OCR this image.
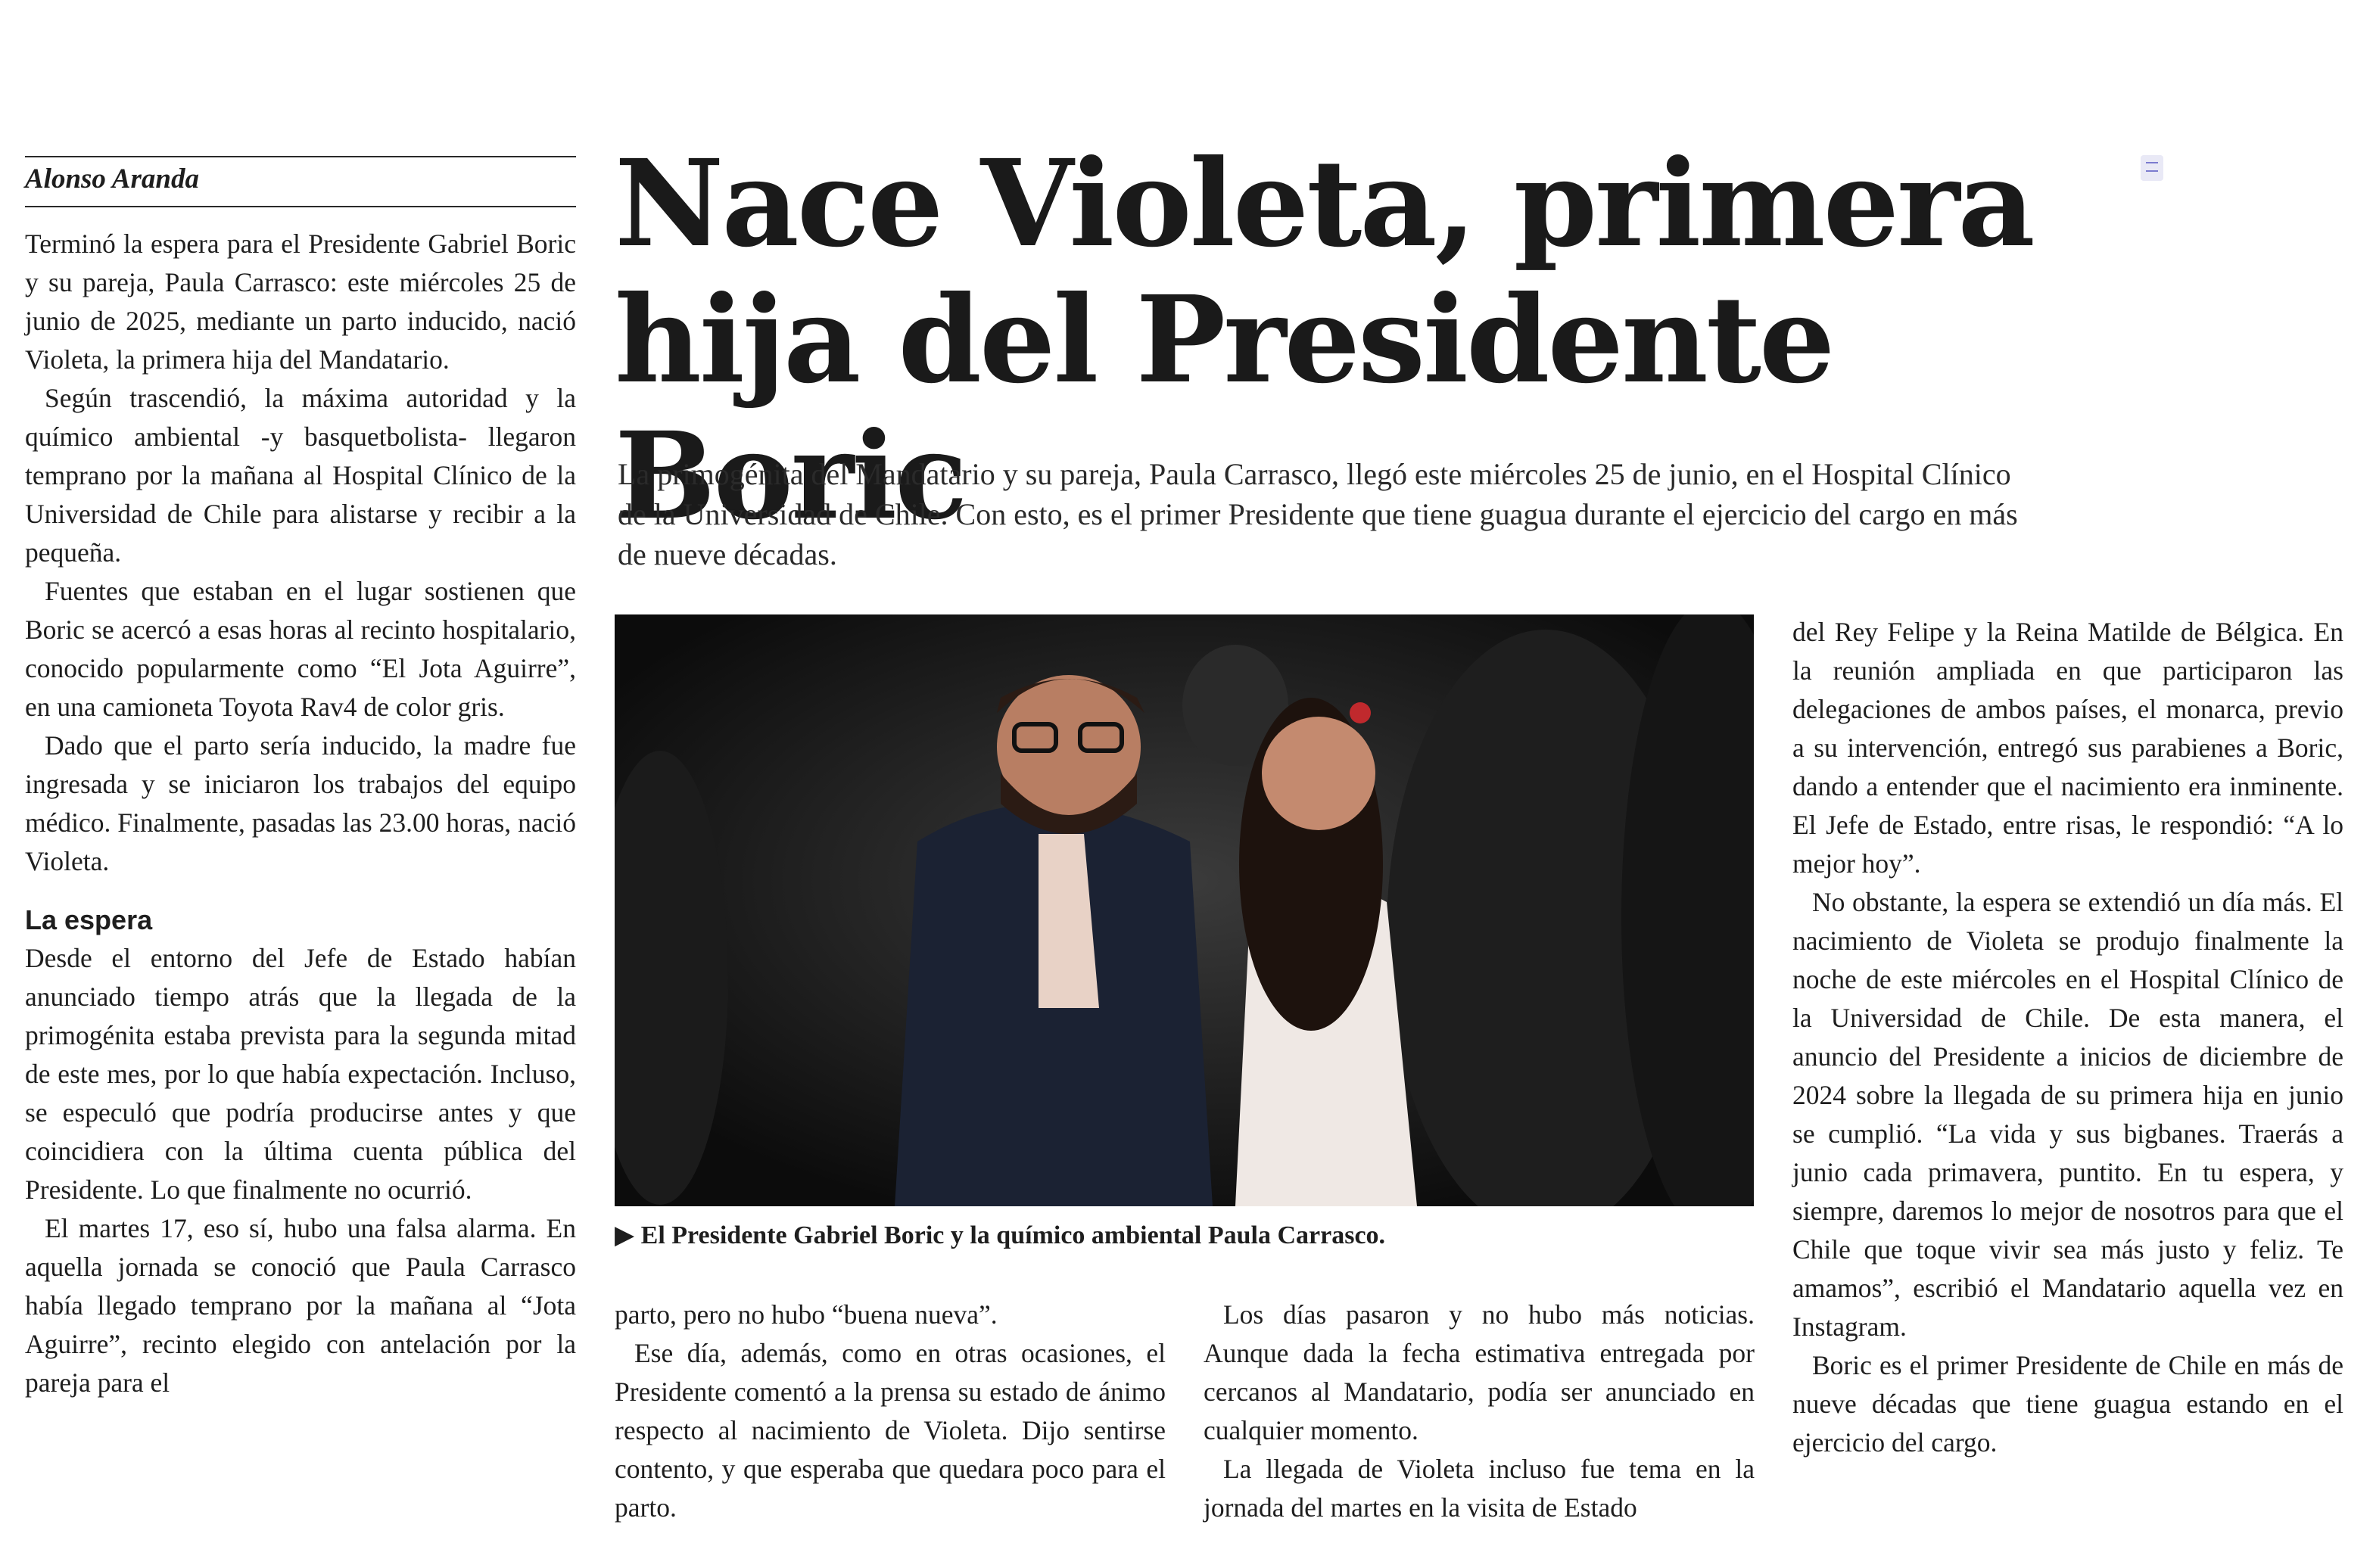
Alonso Aranda

Terminó la espera para el Presidente Gabriel Boric y su pareja, Paula Carrasco: este miércoles 25 de junio de 2025, mediante un parto inducido, nació Violeta, la primera hija del Mandatario.

Según trascendió, la máxima autoridad y la químico ambiental -y basquetbolista- llegaron temprano por la mañana al Hospital Clínico de la Universidad de Chile para alistarse y recibir a la pequeña.

Fuentes que estaban en el lugar sostienen que Boric se acercó a esas horas al recinto hospitalario, conocido popularmente como “El Jota Aguirre”, en una camioneta Toyota Rav4 de color gris.

Dado que el parto sería inducido, la madre fue ingresada y se iniciaron los trabajos del equipo médico. Finalmente, pasadas las 23.00 horas, nació Violeta.

La espera

Desde el entorno del Jefe de Estado habían anunciado tiempo atrás que la llegada de la primogénita estaba prevista para la segunda mitad de este mes, por lo que había expectación. Incluso, se especuló que podría producirse antes y que coincidiera con la última cuenta pública del Presidente. Lo que finalmente no ocurrió.

El martes 17, eso sí, hubo una falsa alarma. En aquella jornada se conoció que Paula Carrasco había llegado temprano por la mañana al “Jota Aguirre”, recinto elegido con antelación por la pareja para el

Nace Violeta, primera hija del Presidente Boric

La primogénita del Mandatario y su pareja, Paula Carrasco, llegó este miércoles 25 de junio, en el Hospital Clínico de la Universidad de Chile. Con esto, es el primer Presidente que tiene guagua durante el ejercicio del cargo en más de nueve décadas.

▶ El Presidente Gabriel Boric y la químico ambiental Paula Carrasco.

parto, pero no hubo “buena nueva”.

Ese día, además, como en otras ocasiones, el Presidente comentó a la prensa su estado de ánimo respecto al nacimiento de Violeta. Dijo sentirse contento, y que esperaba que quedara poco para el parto.

Los días pasaron y no hubo más noticias. Aunque dada la fecha estimativa entregada por cercanos al Mandatario, podía ser anunciado en cualquier momento.

La llegada de Violeta incluso fue tema en la jornada del martes en la visita de Estado

del Rey Felipe y la Reina Matilde de Bélgica. En la reunión ampliada en que participaron las delegaciones de ambos países, el monarca, previo a su intervención, entregó sus parabienes a Boric, dando a entender que el nacimiento era inminente. El Jefe de Estado, entre risas, le respondió: “A lo mejor hoy”.

No obstante, la espera se extendió un día más. El nacimiento de Violeta se produjo finalmente la noche de este miércoles en el Hospital Clínico de la Universidad de Chile. De esta manera, el anuncio del Presidente a inicios de diciembre de 2024 sobre la llegada de su primera hija en junio se cumplió. “La vida y sus bigbanes. Traerás a junio cada primavera, puntito. En tu espera, y siempre, daremos lo mejor de nosotros para que el Chile que toque vivir sea más justo y feliz. Te amamos”, escribió el Mandatario aquella vez en Instagram.

Boric es el primer Presidente de Chile en más de nueve décadas que tiene guagua estando en el ejercicio del cargo.
